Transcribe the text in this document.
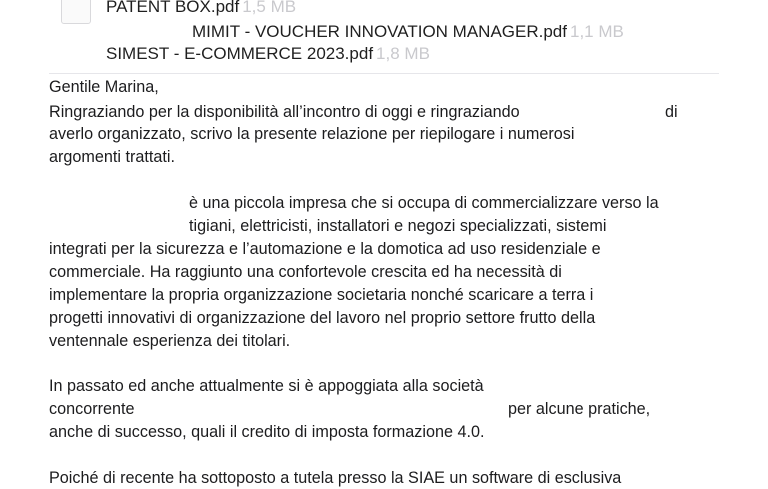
PATENT BOX.pdf 1,5 MB
MIMIT - VOUCHER INNOVATION MANAGER.pdf 1,1 MB
SIMEST - E-COMMERCE 2023.pdf 1,8 MB
Gentile Marina,
Ringraziando per la disponibilità all’incontro di oggi e ringraziando	di
averlo organizzato, scrivo la presente relazione per riepilogare i numerosi
argomenti trattati.
è una piccola impresa che si occupa di commercializzare verso la
tigiani, elettricisti, installatori e negozi specializzati, sistemi
integrati per la sicurezza e l’automazione e la domotica ad uso residenziale e
commerciale. Ha raggiunto una confortevole crescita ed ha necessità di
implementare la propria organizzazione societaria nonché scaricare a terra i
progetti innovativi di organizzazione del lavoro nel proprio settore frutto della
ventennale esperienza dei titolari.
In passato ed anche attualmente si è appoggiata alla società
concorrente	per alcune pratiche,
anche di successo, quali il credito di imposta formazione 4.0.
Poiché di recente ha sottoposto a tutela presso la SIAE un software di esclusiva
